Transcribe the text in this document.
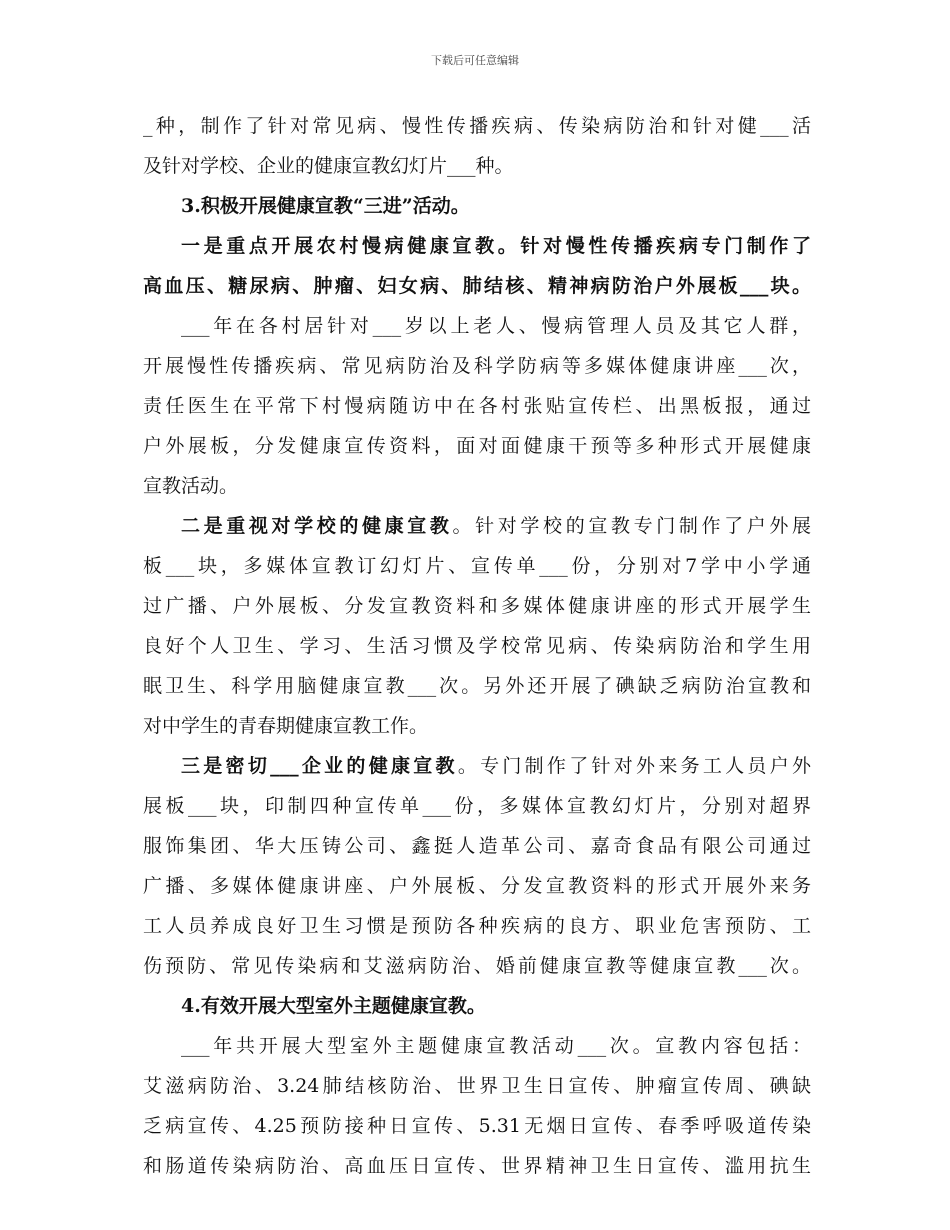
下载后可任意编辑
_种，制作了针对常见病、慢性传播疾病、传染病防治和针对健___活
及针对学校、企业的健康宣教幻灯片___种。
3.积极开展健康宣教“三进”活动。
一是重点开展农村慢病健康宣教。针对慢性传播疾病专门制作了
高血压、糖尿病、肿瘤、妇女病、肺结核、精神病防治户外展板___块。
___年在各村居针对___岁以上老人、慢病管理人员及其它人群，
开展慢性传播疾病、常见病防治及科学防病等多媒体健康讲座___次，
责任医生在平常下村慢病随访中在各村张贴宣传栏、出黑板报，通过
户外展板，分发健康宣传资料，面对面健康干预等多种形式开展健康
宣教活动。
二是重视对学校的健康宣教。针对学校的宣教专门制作了户外展
板___块，多媒体宣教订幻灯片、宣传单___份，分别对7学中小学通
过广播、户外展板、分发宣教资料和多媒体健康讲座的形式开展学生
良好个人卫生、学习、生活习惯及学校常见病、传染病防治和学生用
眠卫生、科学用脑健康宣教___次。另外还开展了碘缺乏病防治宣教和
对中学生的青春期健康宣教工作。
三是密切___企业的健康宣教。专门制作了针对外来务工人员户外
展板___块，印制四种宣传单___份，多媒体宣教幻灯片，分别对超界
服饰集团、华大压铸公司、鑫挺人造革公司、嘉奇食品有限公司通过
广播、多媒体健康讲座、户外展板、分发宣教资料的形式开展外来务
工人员养成良好卫生习惯是预防各种疾病的良方、职业危害预防、工
伤预防、常见传染病和艾滋病防治、婚前健康宣教等健康宣教___次。
4.有效开展大型室外主题健康宣教。
___年共开展大型室外主题健康宣教活动___次。宣教内容包括：
艾滋病防治、3.24肺结核防治、世界卫生日宣传、肿瘤宣传周、碘缺
乏病宣传、4.25预防接种日宣传、5.31无烟日宣传、春季呼吸道传染
和肠道传染病防治、高血压日宣传、世界精神卫生日宣传、滥用抗生
